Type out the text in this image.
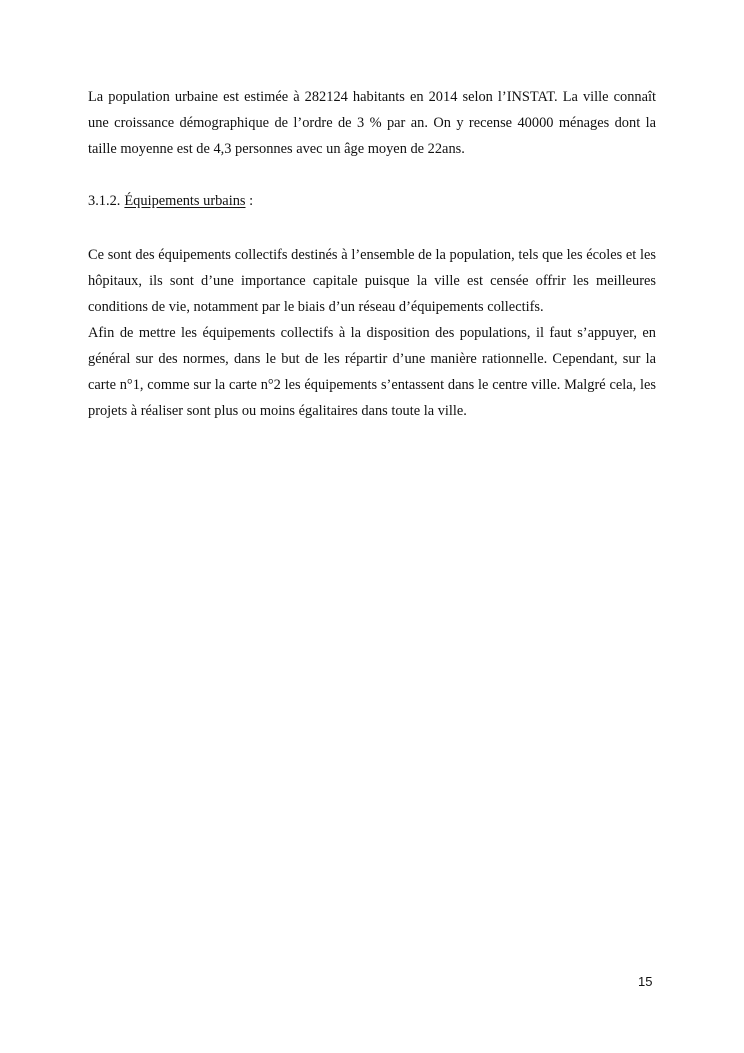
La population urbaine est estimée à 282124 habitants en 2014 selon l’INSTAT. La ville connaît une croissance démographique de l’ordre de 3 % par an. On y recense 40000 ménages dont la taille moyenne est de 4,3 personnes avec un âge moyen de 22ans.

3.1.2. Équipements urbains :

Ce sont des équipements collectifs destinés à l’ensemble de la population, tels que les écoles et les hôpitaux, ils sont d’une importance capitale puisque la ville est censée offrir les meilleures conditions de vie, notamment par le biais d’un réseau d’équipements collectifs.

Afin de mettre les équipements collectifs à la disposition des populations, il faut s’appuyer, en général sur des normes, dans le but de les répartir d’une manière rationnelle. Cependant, sur la carte n°1, comme sur la carte n°2 les équipements s’entassent dans le centre ville. Malgré cela, les projets à réaliser sont plus ou moins égalitaires dans toute la ville.

15
